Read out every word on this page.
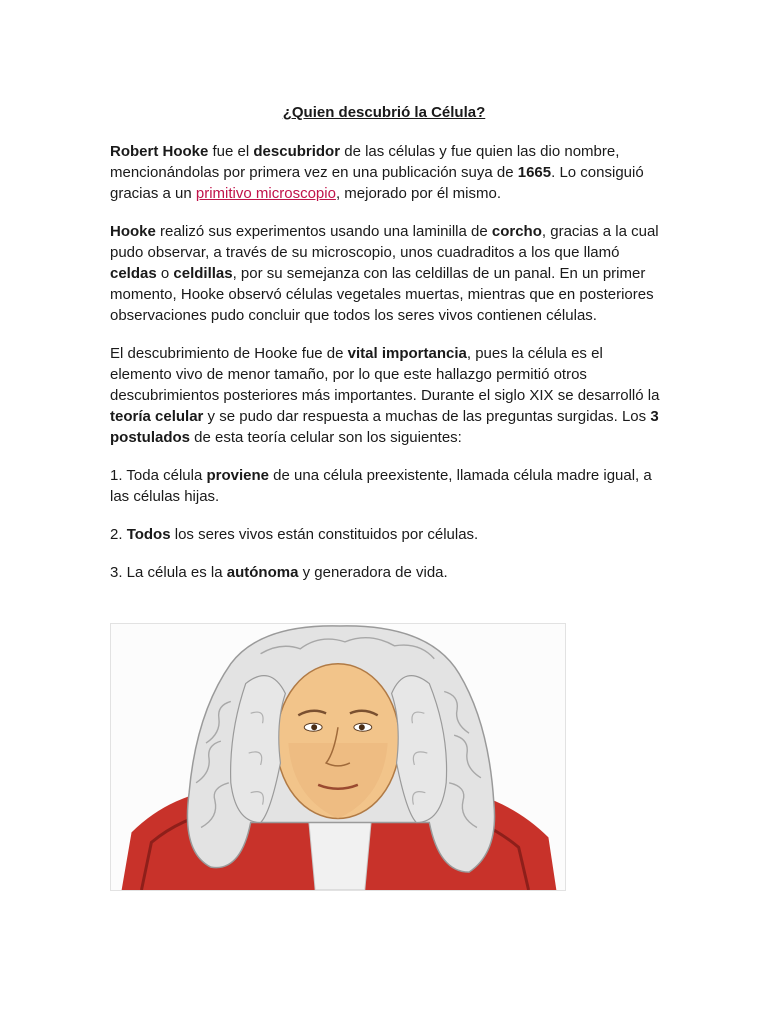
¿Quien descubrió la Célula?

Robert Hooke fue el descubridor de las células y fue quien las dio nombre, mencionándolas por primera vez en una publicación suya de 1665. Lo consiguió gracias a un primitivo microscopio, mejorado por él mismo.

Hooke realizó sus experimentos usando una laminilla de corcho, gracias a la cual pudo observar, a través de su microscopio, unos cuadraditos a los que llamó celdas o celdillas, por su semejanza con las celdillas de un panal. En un primer momento, Hooke observó células vegetales muertas, mientras que en posteriores observaciones pudo concluir que todos los seres vivos contienen células.

El descubrimiento de Hooke fue de vital importancia, pues la célula es el elemento vivo de menor tamaño, por lo que este hallazgo permitió otros descubrimientos posteriores más importantes. Durante el siglo XIX se desarrolló la teoría celular y se pudo dar respuesta a muchas de las preguntas surgidas. Los 3 postulados de esta teoría celular son los siguientes:

1. Toda célula proviene de una célula preexistente, llamada célula madre igual, a las células hijas.

2. Todos los seres vivos están constituidos por células.

3. La célula es la autónoma y generadora de vida.
